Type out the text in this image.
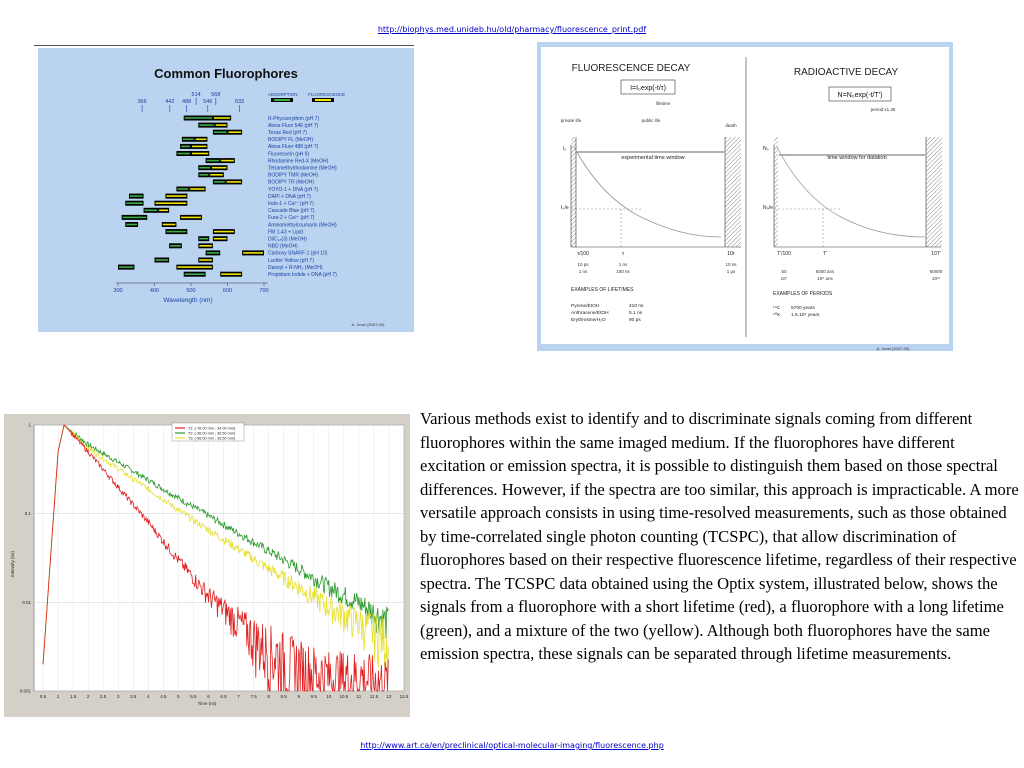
http://biophys.med.unideb.hu/old/pharmacy/fluorescence_print.pdf
Common Fluorophores
ABSORPTION FLUORESCENCE
366	442 488
514
546
568
633
R-Phycoerythrin (pH 7)
Alexa Fluor 546 (pH 7)
Texas Red (pH 7)
BODIPY FL (MeOH)
Alexa Fluor 488 (pH 7)
Fluorescein (pH 9)
Rhodamine Red-X (MeOH)
Tetramethylrhodamine (MeOH)
BODIPY TMR (MeOH)
BODIPY TR (MeOH)
YOYO-1 + DNA (pH 7)
DAPI + DNA (pH 7)
Indo-1 + Ca²⁺ (pH 7)
Cascade Blue (pH 7)
Fura-2 + Ca²⁺ (pH 7)
Aminomethylcoumarin (MeOH)
FM 1-43 + Lipid
DiIC₁₈(3) (MeOH)
NBD (MeOH)
Carboxy SNARF-1 (pH 10)
Lucifer Yellow (pH 7)
Dansyl + R-NH₂ (MeOH)
Propidium Iodide + DNA (pH 7)
300	400	500	600	700
Wavelength (nm)
A. Jenei (2007-09)
FLUORESCENCE DECAY
I=I₀exp(-t/τ)
lifetime
private life	public life
death
experimental time window
I₀
I₀/e
τ/100
10 ps
1 ns
τ
1 ns
100 ns
10τ
10 ns
1 μs
EXAMPLES OF LIFETIMES
Pyrene/EtOH	410 ns
Anthracene/EtOH	5.1 ns
Erythrosine/H₂O	90 ps
RADIOACTIVE DECAY
N=N₀exp(-t/T')
period x1.35
time window for datation
N₀
N₀/e
T'/100
50
10⁷
T'
5000 ans
10⁹ ans
10T'
50000
10¹¹
EXAMPLES OF PERIODS
¹⁴C 5700 years
⁴⁰K 1.5.10⁹ years
A. Jenei (2007-09)
0.5 1 1.5 2 2.5 3 3.5 4 4.5 5 5.5 6 6.5 7 7.5 8 8.5 9 9.5 10 10.5 11 11.5 12 12.5
1
0.1
0.01
0.001
Intensity (no)
Time (ns)
T1: (-76.00 mm ; 34.00 mm)
T2: (-36.00 mm ; 36.50 mm)
T3: (-56.50 mm ; 35.50 mm)
Various methods exist to identify and to discriminate signals coming from different fluorophores within the same imaged medium. If the fluorophores have different excitation or emission spectra, it is possible to distinguish them based on those spectral differences. However, if the spectra are too similar, this approach is impracticable. A more versatile approach consists in using time-resolved measurements, such as those obtained by time-correlated single photon counting (TCSPC), that allow discrimination of fluorophores based on their respective fluorescence lifetime, regardless of their respective spectra. The TCSPC data obtained using the Optix system, illustrated below, shows the signals from a fluorophore with a short lifetime (red), a fluorophore with a long lifetime (green), and a mixture of the two (yellow). Although both fluorophores have the same emission spectra, these signals can be separated through lifetime measurements.
http://www.art.ca/en/preclinical/optical-molecular-imaging/fluorescence.php
